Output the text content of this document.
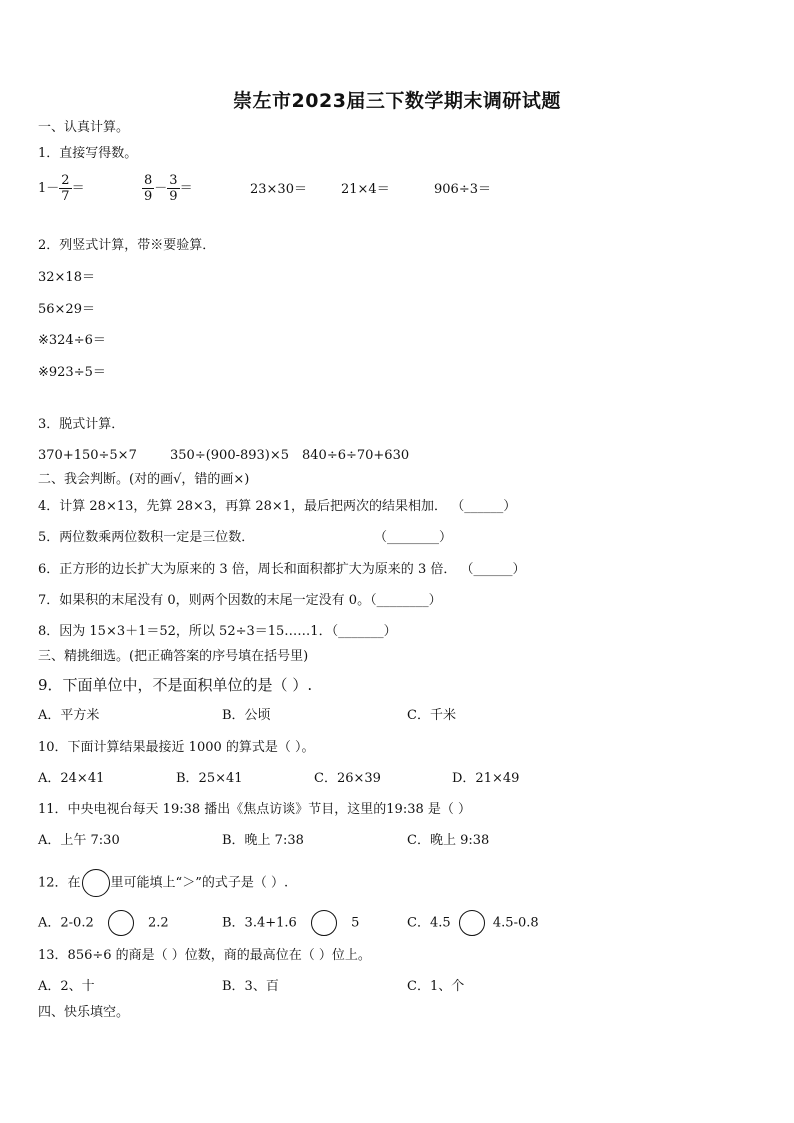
崇左市2023届三下数学期末调研试题
一、认真计算。
1．直接写得数。
$1- \frac{2}{7}$ ＝	$\frac{8}{9} - \frac{3}{9}$ ＝	23×30＝	21×4＝	906÷3＝
2．列竖式计算，带※要验算．
32×18＝
56×29＝
※324÷6＝
※923÷5＝
3．脱式计算．
370+150÷5×7	350÷(900-893)×5 840÷6÷70+630
二、我会判断。(对的画√，错的画×)
4．计算 28×13，先算 28×3，再算 28×1，最后把两次的结果相加． （______）
5．两位数乘两位数积一定是三位数．	（________）
6．正方形的边长扩大为原来的 3 倍，周长和面积都扩大为原来的 3 倍． （______）
7．如果积的末尾没有 0，则两个因数的末尾一定没有 0。（________）
8．因为 15×3＋1＝52，所以 52÷3＝15……1．（_______）
三、精挑细选。(把正确答案的序号填在括号里)
9．下面单位中，不是面积单位的是（ ）.
A．平方米	B．公顷	C．千米
10．下面计算结果最接近 1000 的算式是（ ）。
A．24×41	B．25×41	C．26×39	D．21×49
11．中央电视台每天 19:38 播出《焦点访谈》节目，这里的19:38 是（ ）
A．上午 7:30	B．晚上 7:38	C．晚上 9:38
12．在 里可能填上“＞”的式子是（ ）.
A．2-0.2	2.2	B．3.4+1.6	5	C．4.5	4.5-0.8
13．856÷6 的商是（ ）位数，商的最高位在（ ）位上。
A．2、十	B．3、百	C．1、个
四、快乐填空。
